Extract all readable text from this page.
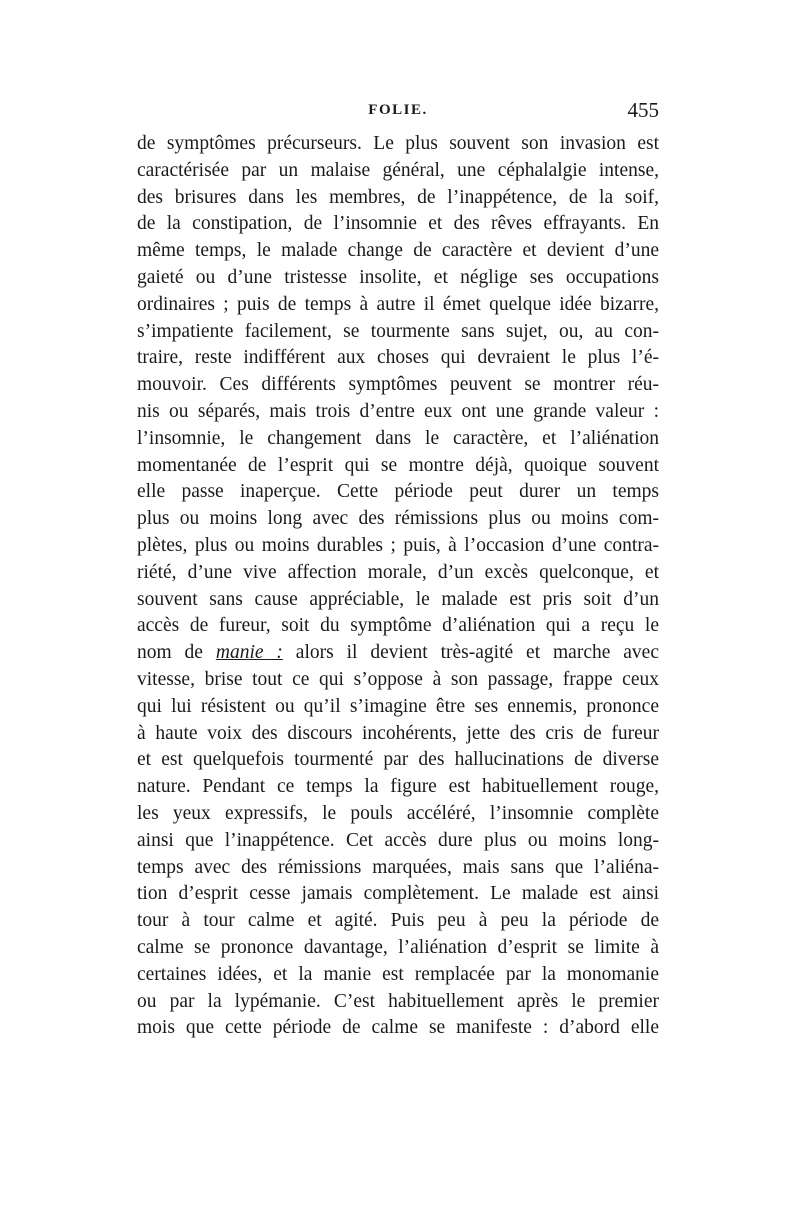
FOLIE.	455
de symptômes précurseurs. Le plus souvent son invasion est
caractérisée par un malaise général, une céphalalgie intense,
des brisures dans les membres, de l’inappétence, de la soif,
de la constipation, de l’insomnie et des rêves effrayants. En
même temps, le malade change de caractère et devient d’une
gaieté ou d’une tristesse insolite, et néglige ses occupations
ordinaires ; puis de temps à autre il émet quelque idée bizarre,
s’impatiente facilement, se tourmente sans sujet, ou, au con-
traire, reste indifférent aux choses qui devraient le plus l’é-
mouvoir. Ces différents symptômes peuvent se montrer réu-
nis ou séparés, mais trois d’entre eux ont une grande valeur :
l’insomnie, le changement dans le caractère, et l’aliénation
momentanée de l’esprit qui se montre déjà, quoique souvent
elle passe inaperçue. Cette période peut durer un temps
plus ou moins long avec des rémissions plus ou moins com-
plètes, plus ou moins durables ; puis, à l’occasion d’une contra-
riété, d’une vive affection morale, d’un excès quelconque, et
souvent sans cause appréciable, le malade est pris soit d’un
accès de fureur, soit du symptôme d’aliénation qui a reçu le
nom de manie : alors il devient très-agité et marche avec
vitesse, brise tout ce qui s’oppose à son passage, frappe ceux
qui lui résistent ou qu’il s’imagine être ses ennemis, prononce
à haute voix des discours incohérents, jette des cris de fureur
et est quelquefois tourmenté par des hallucinations de diverse
nature. Pendant ce temps la figure est habituellement rouge,
les yeux expressifs, le pouls accéléré, l’insomnie complète
ainsi que l’inappétence. Cet accès dure plus ou moins long-
temps avec des rémissions marquées, mais sans que l’aliéna-
tion d’esprit cesse jamais complètement. Le malade est ainsi
tour à tour calme et agité. Puis peu à peu la période de
calme se prononce davantage, l’aliénation d’esprit se limite à
certaines idées, et la manie est remplacée par la monomanie
ou par la lypémanie. C’est habituellement après le premier
mois que cette période de calme se manifeste : d’abord elle
